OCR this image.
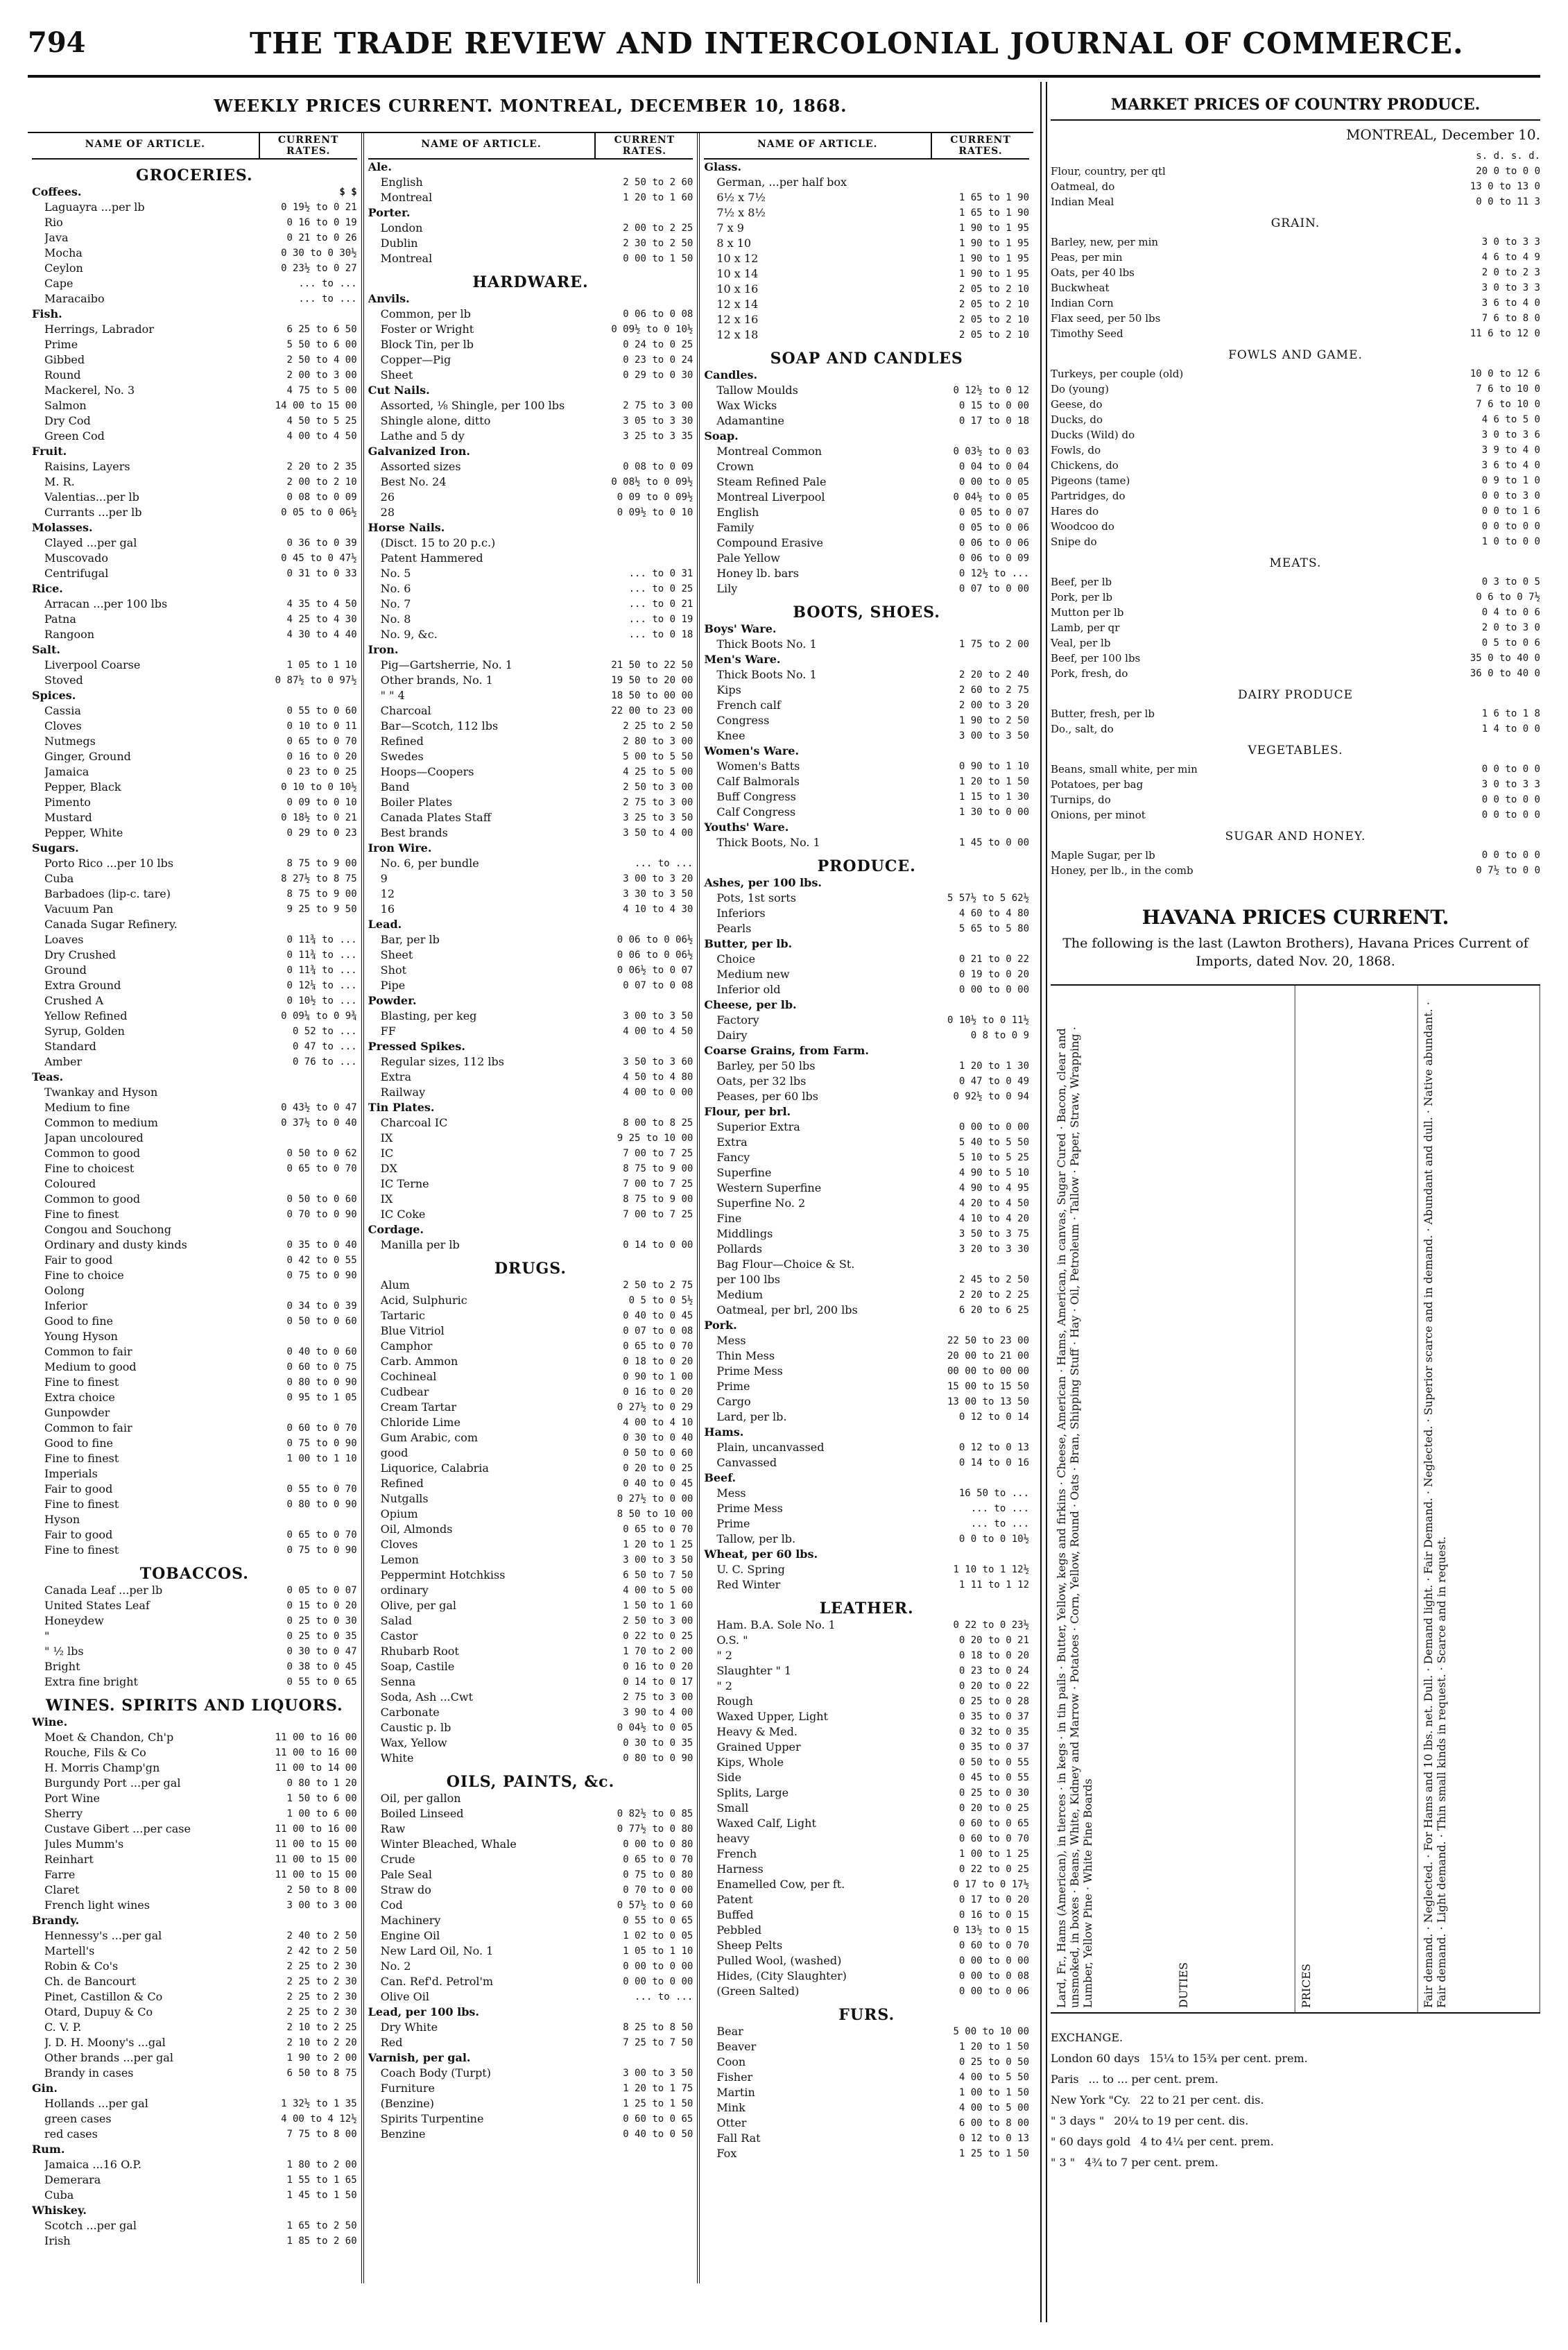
794	THE TRADE REVIEW AND INTERCOLONIAL JOURNAL OF COMMERCE.
WEEKLY PRICES CURRENT. MONTREAL, DECEMBER 10, 1868.
NAME OF ARTICLE.	CURRENT RATES.
GROCERIES.
Coffees.	$ $
Laguayra ...per lb	0 19½ to 0 21
Rio	0 16 to 0 19
Java	0 21 to 0 26
Mocha	0 30 to 0 30½
Ceylon	0 23½ to 0 27
Cape	... to ...
Maracaibo	... to ...
Fish.
Herrings, Labrador	6 25 to 6 50
Prime	5 50 to 6 00
Gibbed	2 50 to 4 00
Round	2 00 to 3 00
Mackerel, No. 3	4 75 to 5 00
Salmon	14 00 to 15 00
Dry Cod	4 50 to 5 25
Green Cod	4 00 to 4 50
Fruit.
Raisins, Layers	2 20 to 2 35
M. R.	2 00 to 2 10
Valentias...per lb	0 08 to 0 09
Currants ...per lb	0 05 to 0 06½
Molasses.
Clayed ...per gal	0 36 to 0 39
Muscovado	0 45 to 0 47½
Centrifugal	0 31 to 0 33
Rice.
Arracan ...per 100 lbs	4 35 to 4 50
Patna	4 25 to 4 30
Rangoon	4 30 to 4 40
Salt.
Liverpool Coarse	1 05 to 1 10
Stoved	0 87½ to 0 97½
Spices.
Cassia	0 55 to 0 60
Cloves	0 10 to 0 11
Nutmegs	0 65 to 0 70
Ginger, Ground	0 16 to 0 20
Jamaica	0 23 to 0 25
Pepper, Black	0 10 to 0 10½
Pimento	0 09 to 0 10
Mustard	0 18½ to 0 21
Pepper, White	0 29 to 0 23
Sugars.
Porto Rico ...per 10 lbs	8 75 to 9 00
Cuba	8 27½ to 8 75
Barbadoes (lip-c. tare)	8 75 to 9 00
Vacuum Pan	9 25 to 9 50
Canada Sugar Refinery.
Loaves	0 11¾ to ...
Dry Crushed	0 11¾ to ...
Ground	0 11¾ to ...
Extra Ground	0 12¼ to ...
Crushed A	0 10½ to ...
Yellow Refined	0 09¼ to 0 9¾
Syrup, Golden	0 52 to ...
Standard	0 47 to ...
Amber	0 76 to ...
Teas.
Twankay and Hyson
Medium to fine	0 43½ to 0 47
Common to medium	0 37½ to 0 40
Japan uncoloured
Common to good	0 50 to 0 62
Fine to choicest	0 65 to 0 70
Coloured
Common to good	0 50 to 0 60
Fine to finest	0 70 to 0 90
Congou and Souchong
Ordinary and dusty kinds	0 35 to 0 40
Fair to good	0 42 to 0 55
Fine to choice	0 75 to 0 90
Oolong
Inferior	0 34 to 0 39
Good to fine	0 50 to 0 60
Young Hyson
Common to fair	0 40 to 0 60
Medium to good	0 60 to 0 75
Fine to finest	0 80 to 0 90
Extra choice	0 95 to 1 05
Gunpowder
Common to fair	0 60 to 0 70
Good to fine	0 75 to 0 90
Fine to finest	1 00 to 1 10
Imperials
Fair to good	0 55 to 0 70
Fine to finest	0 80 to 0 90
Hyson
Fair to good	0 65 to 0 70
Fine to finest	0 75 to 0 90
TOBACCOS.
Canada Leaf ...per lb	0 05 to 0 07
United States Leaf	0 15 to 0 20
Honeydew	0 25 to 0 30
"	0 25 to 0 35
" ½ lbs	0 30 to 0 47
Bright	0 38 to 0 45
Extra fine bright	0 55 to 0 65
WINES. SPIRITS AND LIQUORS.
Wine.
Moet & Chandon, Ch'p	11 00 to 16 00
Rouche, Fils & Co	11 00 to 16 00
H. Morris Champ'gn	11 00 to 14 00
Burgundy Port ...per gal	0 80 to 1 20
Port Wine	1 50 to 6 00
Sherry	1 00 to 6 00
Custave Gibert ...per case	11 00 to 16 00
Jules Mumm's	11 00 to 15 00
Reinhart	11 00 to 15 00
Farre	11 00 to 15 00
Claret	2 50 to 8 00
French light wines	3 00 to 3 00
Brandy.
Hennessy's ...per gal	2 40 to 2 50
Martell's	2 42 to 2 50
Robin & Co's	2 25 to 2 30
Ch. de Bancourt	2 25 to 2 30
Pinet, Castillon & Co	2 25 to 2 30
Otard, Dupuy & Co	2 25 to 2 30
C. V. P.	2 10 to 2 25
J. D. H. Moony's ...gal	2 10 to 2 20
Other brands ...per gal	1 90 to 2 00
Brandy in cases	6 50 to 8 75
Gin.
Hollands ...per gal	1 32½ to 1 35
green cases	4 00 to 4 12½
red cases	7 75 to 8 00
Rum.
Jamaica ...16 O.P.	1 80 to 2 00
Demerara	1 55 to 1 65
Cuba	1 45 to 1 50
Whiskey.
Scotch ...per gal	1 65 to 2 50
Irish	1 85 to 2 60
NAME OF ARTICLE.	CURRENT RATES.
Ale.
English	2 50 to 2 60
Montreal	1 20 to 1 60
Porter.
London	2 00 to 2 25
Dublin	2 30 to 2 50
Montreal	0 00 to 1 50
HARDWARE.
Anvils.
Common, per lb	0 06 to 0 08
Foster or Wright	0 09½ to 0 10½
Block Tin, per lb	0 24 to 0 25
Copper—Pig	0 23 to 0 24
Sheet	0 29 to 0 30
Cut Nails.
Assorted, ⅛ Shingle, per 100 lbs	2 75 to 3 00
Shingle alone, ditto	3 05 to 3 30
Lathe and 5 dy	3 25 to 3 35
Galvanized Iron.
Assorted sizes	0 08 to 0 09
Best No. 24	0 08½ to 0 09½
26	0 09 to 0 09½
28	0 09½ to 0 10
Horse Nails.
(Disct. 15 to 20 p.c.)
Patent Hammered
No. 5	... to 0 31
No. 6	... to 0 25
No. 7	... to 0 21
No. 8	... to 0 19
No. 9, &c.	... to 0 18
Iron.
Pig—Gartsherrie, No. 1	21 50 to 22 50
Other brands, No. 1	19 50 to 20 00
" " 4	18 50 to 00 00
Charcoal	22 00 to 23 00
Bar—Scotch, 112 lbs	2 25 to 2 50
Refined	2 80 to 3 00
Swedes	5 00 to 5 50
Hoops—Coopers	4 25 to 5 00
Band	2 50 to 3 00
Boiler Plates	2 75 to 3 00
Canada Plates Staff	3 25 to 3 50
Best brands	3 50 to 4 00
Iron Wire.
No. 6, per bundle	... to ...
9	3 00 to 3 20
12	3 30 to 3 50
16	4 10 to 4 30
Lead.
Bar, per lb	0 06 to 0 06½
Sheet	0 06 to 0 06½
Shot	0 06½ to 0 07
Pipe	0 07 to 0 08
Powder.
Blasting, per keg	3 00 to 3 50
FF	4 00 to 4 50
Pressed Spikes.
Regular sizes, 112 lbs	3 50 to 3 60
Extra	4 50 to 4 80
Railway	4 00 to 0 00
Tin Plates.
Charcoal IC	8 00 to 8 25
IX	9 25 to 10 00
IC	7 00 to 7 25
DX	8 75 to 9 00
IC Terne	7 00 to 7 25
IX	8 75 to 9 00
IC Coke	7 00 to 7 25
Cordage.
Manilla per lb	0 14 to 0 00
DRUGS.
Alum	2 50 to 2 75
Acid, Sulphuric	0 5 to 0 5½
Tartaric	0 40 to 0 45
Blue Vitriol	0 07 to 0 08
Camphor	0 65 to 0 70
Carb. Ammon	0 18 to 0 20
Cochineal	0 90 to 1 00
Cudbear	0 16 to 0 20
Cream Tartar	0 27½ to 0 29
Chloride Lime	4 00 to 4 10
Gum Arabic, com	0 30 to 0 40
good	0 50 to 0 60
Liquorice, Calabria	0 20 to 0 25
Refined	0 40 to 0 45
Nutgalls	0 27½ to 0 00
Opium	8 50 to 10 00
Oil, Almonds	0 65 to 0 70
Cloves	1 20 to 1 25
Lemon	3 00 to 3 50
Peppermint Hotchkiss	6 50 to 7 50
ordinary	4 00 to 5 00
Olive, per gal	1 50 to 1 60
Salad	2 50 to 3 00
Castor	0 22 to 0 25
Rhubarb Root	1 70 to 2 00
Soap, Castile	0 16 to 0 20
Senna	0 14 to 0 17
Soda, Ash ...Cwt	2 75 to 3 00
Carbonate	3 90 to 4 00
Caustic p. lb	0 04½ to 0 05
Wax, Yellow	0 30 to 0 35
White	0 80 to 0 90
OILS, PAINTS, &c.
Oil, per gallon
Boiled Linseed	0 82½ to 0 85
Raw	0 77½ to 0 80
Winter Bleached, Whale	0 00 to 0 80
Crude	0 65 to 0 70
Pale Seal	0 75 to 0 80
Straw do	0 70 to 0 00
Cod	0 57½ to 0 60
Machinery	0 55 to 0 65
Engine Oil	1 02 to 0 05
New Lard Oil, No. 1	1 05 to 1 10
No. 2	0 00 to 0 00
Can. Ref'd. Petrol'm	0 00 to 0 00
Olive Oil	... to ...
Lead, per 100 lbs.
Dry White	8 25 to 8 50
Red	7 25 to 7 50
Varnish, per gal.
Coach Body (Turpt)	3 00 to 3 50
Furniture	1 20 to 1 75
(Benzine)	1 25 to 1 50
Spirits Turpentine	0 60 to 0 65
Benzine	0 40 to 0 50
NAME OF ARTICLE.	CURRENT RATES.
Glass.
German, ...per half box
6½ x 7½	1 65 to 1 90
7½ x 8½	1 65 to 1 90
7 x 9	1 90 to 1 95
8 x 10	1 90 to 1 95
10 x 12	1 90 to 1 95
10 x 14	1 90 to 1 95
10 x 16	2 05 to 2 10
12 x 14	2 05 to 2 10
12 x 16	2 05 to 2 10
12 x 18	2 05 to 2 10
SOAP AND CANDLES
Candles.
Tallow Moulds	0 12½ to 0 12
Wax Wicks	0 15 to 0 00
Adamantine	0 17 to 0 18
Soap.
Montreal Common	0 03½ to 0 03
Crown	0 04 to 0 04
Steam Refined Pale	0 00 to 0 05
Montreal Liverpool	0 04½ to 0 05
English	0 05 to 0 07
Family	0 05 to 0 06
Compound Erasive	0 06 to 0 06
Pale Yellow	0 06 to 0 09
Honey lb. bars	0 12½ to ...
Lily	0 07 to 0 00
BOOTS, SHOES.
Boys' Ware.
Thick Boots No. 1	1 75 to 2 00
Men's Ware.
Thick Boots No. 1	2 20 to 2 40
Kips	2 60 to 2 75
French calf	2 00 to 3 20
Congress	1 90 to 2 50
Knee	3 00 to 3 50
Women's Ware.
Women's Batts	0 90 to 1 10
Calf Balmorals	1 20 to 1 50
Buff Congress	1 15 to 1 30
Calf Congress	1 30 to 0 00
Youths' Ware.
Thick Boots, No. 1	1 45 to 0 00
PRODUCE.
Ashes, per 100 lbs.
Pots, 1st sorts	5 57½ to 5 62½
Inferiors	4 60 to 4 80
Pearls	5 65 to 5 80
Butter, per lb.
Choice	0 21 to 0 22
Medium new	0 19 to 0 20
Inferior old	0 00 to 0 00
Cheese, per lb.
Factory	0 10½ to 0 11½
Dairy	0 8 to 0 9
Coarse Grains, from Farm.
Barley, per 50 lbs	1 20 to 1 30
Oats, per 32 lbs	0 47 to 0 49
Peases, per 60 lbs	0 92½ to 0 94
Flour, per brl.
Superior Extra	0 00 to 0 00
Extra	5 40 to 5 50
Fancy	5 10 to 5 25
Superfine	4 90 to 5 10
Western Superfine	4 90 to 4 95
Superfine No. 2	4 20 to 4 50
Fine	4 10 to 4 20
Middlings	3 50 to 3 75
Pollards	3 20 to 3 30
Bag Flour—Choice & St.
per 100 lbs	2 45 to 2 50
Medium	2 20 to 2 25
Oatmeal, per brl, 200 lbs	6 20 to 6 25
Pork.
Mess	22 50 to 23 00
Thin Mess	20 00 to 21 00
Prime Mess	00 00 to 00 00
Prime	15 00 to 15 50
Cargo	13 00 to 13 50
Lard, per lb.	0 12 to 0 14
Hams.
Plain, uncanvassed	0 12 to 0 13
Canvassed	0 14 to 0 16
Beef.
Mess	16 50 to ...
Prime Mess	... to ...
Prime	... to ...
Tallow, per lb.	0 0 to 0 10½
Wheat, per 60 lbs.
U. C. Spring	1 10 to 1 12½
Red Winter	1 11 to 1 12
LEATHER.
Ham. B.A. Sole No. 1	0 22 to 0 23½
O.S. "	0 20 to 0 21
" 2	0 18 to 0 20
Slaughter " 1	0 23 to 0 24
" 2	0 20 to 0 22
Rough	0 25 to 0 28
Waxed Upper, Light	0 35 to 0 37
Heavy & Med.	0 32 to 0 35
Grained Upper	0 35 to 0 37
Kips, Whole	0 50 to 0 55
Side	0 45 to 0 55
Splits, Large	0 25 to 0 30
Small	0 20 to 0 25
Waxed Calf, Light	0 60 to 0 65
heavy	0 60 to 0 70
French	1 00 to 1 25
Harness	0 22 to 0 25
Enamelled Cow, per ft.	0 17 to 0 17½
Patent	0 17 to 0 20
Buffed	0 16 to 0 15
Pebbled	0 13½ to 0 15
Sheep Pelts	0 60 to 0 70
Pulled Wool, (washed)	0 00 to 0 00
Hides, (City Slaughter)	0 00 to 0 08
(Green Salted)	0 00 to 0 06
FURS.
Bear	5 00 to 10 00
Beaver	1 20 to 1 50
Coon	0 25 to 0 50
Fisher	4 00 to 5 50
Martin	1 00 to 1 50
Mink	4 00 to 5 00
Otter	6 00 to 8 00
Fall Rat	0 12 to 0 13
Fox	1 25 to 1 50
MARKET PRICES OF COUNTRY PRODUCE.
MONTREAL, December 10.
s. d. s. d.
Flour, country, per qtl	20 0 to 0 0
Oatmeal, do	13 0 to 13 0
Indian Meal	0 0 to 11 3
GRAIN.
Barley, new, per min	3 0 to 3 3
Peas, per min	4 6 to 4 9
Oats, per 40 lbs	2 0 to 2 3
Buckwheat	3 0 to 3 3
Indian Corn	3 6 to 4 0
Flax seed, per 50 lbs	7 6 to 8 0
Timothy Seed	11 6 to 12 0
FOWLS AND GAME.
Turkeys, per couple (old)	10 0 to 12 6
Do (young)	7 6 to 10 0
Geese, do	7 6 to 10 0
Ducks, do	4 6 to 5 0
Ducks (Wild) do	3 0 to 3 6
Fowls, do	3 9 to 4 0
Chickens, do	3 6 to 4 0
Pigeons (tame)	0 9 to 1 0
Partridges, do	0 0 to 3 0
Hares do	0 0 to 1 6
Woodcoo do	0 0 to 0 0
Snipe do	1 0 to 0 0
MEATS.
Beef, per lb	0 3 to 0 5
Pork, per lb	0 6 to 0 7½
Mutton per lb	0 4 to 0 6
Lamb, per qr	2 0 to 3 0
Veal, per lb	0 5 to 0 6
Beef, per 100 lbs	35 0 to 40 0
Pork, fresh, do	36 0 to 40 0
DAIRY PRODUCE
Butter, fresh, per lb	1 6 to 1 8
Do., salt, do	1 4 to 0 0
VEGETABLES.
Beans, small white, per min	0 0 to 0 0
Potatoes, per bag	3 0 to 3 3
Turnips, do	0 0 to 0 0
Onions, per minot	0 0 to 0 0
SUGAR AND HONEY.
Maple Sugar, per lb	0 0 to 0 0
Honey, per lb., in the comb	0 7½ to 0 0
HAVANA PRICES CURRENT.
The following is the last (Lawton Brothers), Havana Prices Current of Imports, dated Nov. 20, 1868.
Lard, Fr., Hams (American), in tierces · in kegs · in tin pails · Butter, Yellow, kegs and firkins · Cheese, American · Hams, American, in canvas, Sugar Cured · Bacon, clear and unsmoked, in boxes · Beans, White, Kidney and Marrow · Potatoes · Corn, Yellow, Round · Oats · Bran, Shipping Stuff · Hay · Oil, Petroleum · Tallow · Paper, Straw, Wrapping · Lumber, Yellow Pine · White Pine Boards	DUTIES	PRICES	Fair demand. · Neglected. · For Hams and 10 lbs. net. Dull. · Demand light. · Fair Demand. · Neglected. · Superior scarce and in demand. · Abundant and dull. · Native abundant. · Fair demand. · Light demand. · Thin small kinds in request. · Scarce and in request.
EXCHANGE.
London 60 days 15¼ to 15¾ per cent. prem.
Paris ... to ... per cent. prem.
New York "Cy. 22 to 21 per cent. dis.
" 3 days " 20¼ to 19 per cent. dis.
" 60 days gold 4 to 4¼ per cent. prem.
" 3 " 4¾ to 7 per cent. prem.
